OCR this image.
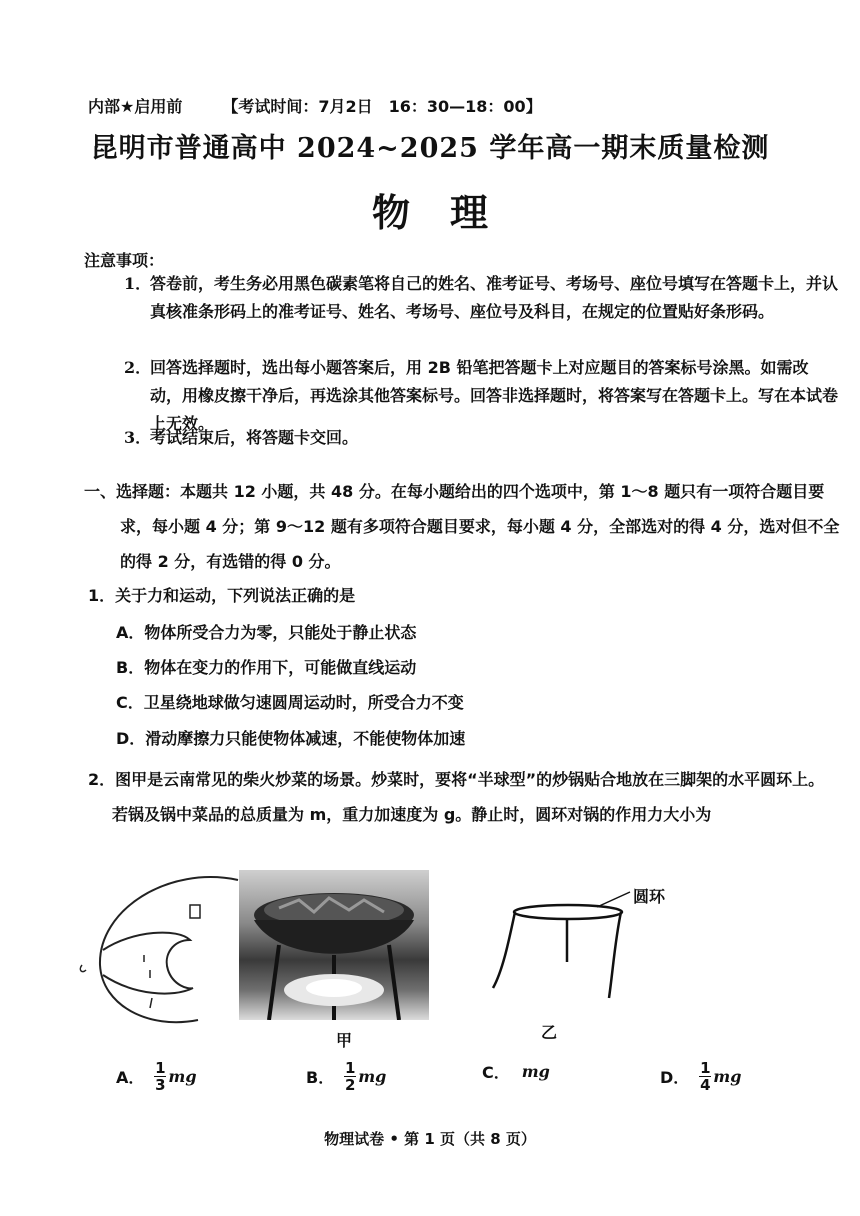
内部★启用前	【考试时间：7月2日　16：30—18：00】
昆明市普通高中 2024~2025 学年高一期末质量检测
物理
注意事项：
1．
答卷前，考生务必用黑色碳素笔将自己的姓名、准考证号、考场号、座位号填写在答题卡上，并认真核准条形码上的准考证号、姓名、考场号、座位号及科目，在规定的位置贴好条形码。
2．
回答选择题时，选出每小题答案后，用 2B 铅笔把答题卡上对应题目的答案标号涂黑。如需改动，用橡皮擦干净后，再选涂其他答案标号。回答非选择题时，将答案写在答题卡上。写在本试卷上无效。
3．
考试结束后，将答题卡交回。
一、选择题：本题共 12 小题，共 48 分。在每小题给出的四个选项中，第 1～8 题只有一项符合题目要求，每小题 4 分；第 9～12 题有多项符合题目要求，每小题 4 分，全部选对的得 4 分，选对但不全的得 2 分，有选错的得 0 分。
1．关于力和运动，下列说法正确的是
A．物体所受合力为零，只能处于静止状态
B．物体在变力的作用下，可能做直线运动
C．卫星绕地球做匀速圆周运动时，所受合力不变
D．滑动摩擦力只能使物体减速，不能使物体加速
2．图甲是云南常见的柴火炒菜的场景。炒菜时，要将“半球型”的炒锅贴合地放在三脚架的水平圆环上。若锅及锅中菜品的总质量为 m，重力加速度为 g。静止时，圆环对锅的作用力大小为
甲
圆环
乙
A． $\frac{1}{3}$ mg	B． $\frac{1}{2}$ mg	C． mg	D． $\frac{1}{4}$ mg
物理试卷 • 第 1 页（共 8 页）
